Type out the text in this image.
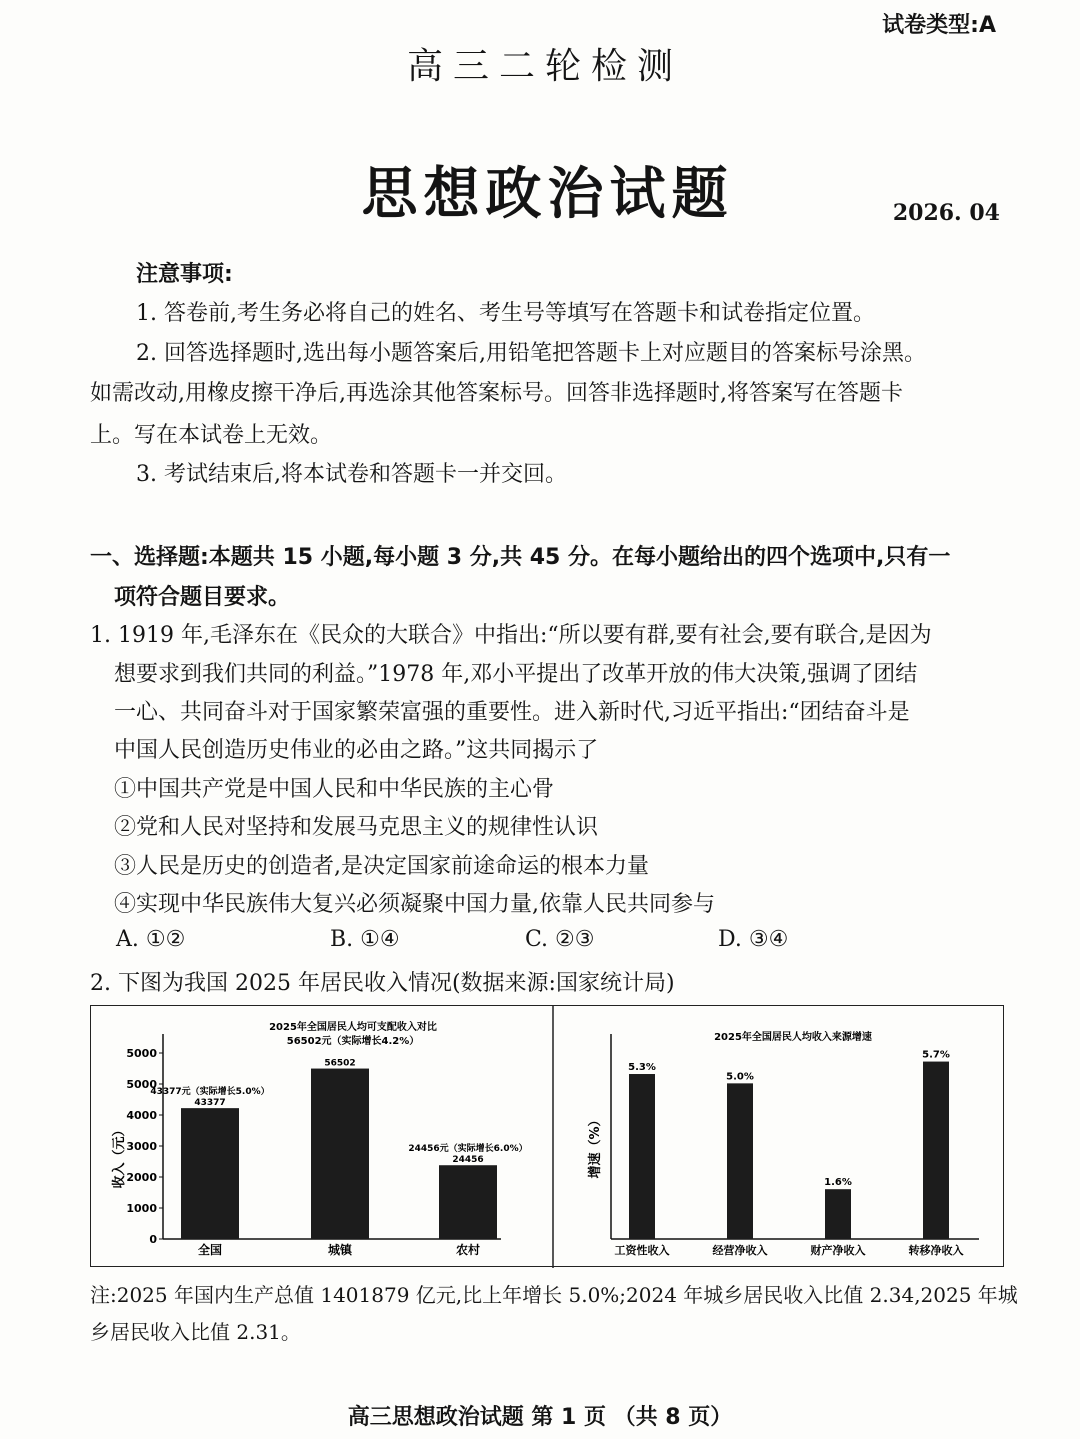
试卷类型:A
高三二轮检测
思想政治试题	2026. 04
注意事项:
1. 答卷前,考生务必将自己的姓名、考生号等填写在答题卡和试卷指定位置。
2. 回答选择题时,选出每小题答案后,用铅笔把答题卡上对应题目的答案标号涂黑。
如需改动,用橡皮擦干净后,再选涂其他答案标号。回答非选择题时,将答案写在答题卡
上。写在本试卷上无效。
3. 考试结束后,将本试卷和答题卡一并交回。
一、选择题:本题共 15 小题,每小题 3 分,共 45 分。在每小题给出的四个选项中,只有一
项符合题目要求。
1. 1919 年,毛泽东在《民众的大联合》中指出:“所以要有群,要有社会,要有联合,是因为
想要求到我们共同的利益。”1978 年,邓小平提出了改革开放的伟大决策,强调了团结
一心、共同奋斗对于国家繁荣富强的重要性。进入新时代,习近平指出:“团结奋斗是
中国人民创造历史伟业的必由之路。”这共同揭示了
①中国共产党是中国人民和中华民族的主心骨
②党和人民对坚持和发展马克思主义的规律性认识
③人民是历史的创造者,是决定国家前途命运的根本力量
④实现中华民族伟大复兴必须凝聚中国力量,依靠人民共同参与
A. ①②	B. ①④	C. ②③	D. ③④
2. 下图为我国 2025 年居民收入情况(数据来源:国家统计局)
2025年全国居民人均可支配收入对比
56502元（实际增长4.2%）
收入（元）
0
1000
2000
3000
4000
5000
5000
43377
43377元（实际增长5.0%）
全国
56502
城镇
24456
24456元（实际增长6.0%）
农村
2025年全国居民人均收入来源增速
增速（%）
5.3%
工资性收入
5.0%
经营净收入
1.6%
财产净收入
5.7%
转移净收入
注:2025 年国内生产总值 1401879 亿元,比上年增长 5.0%;2024 年城乡居民收入比值 2.34,2025 年城
乡居民收入比值 2.31。
高三思想政治试题 第 1 页 （共 8 页）
